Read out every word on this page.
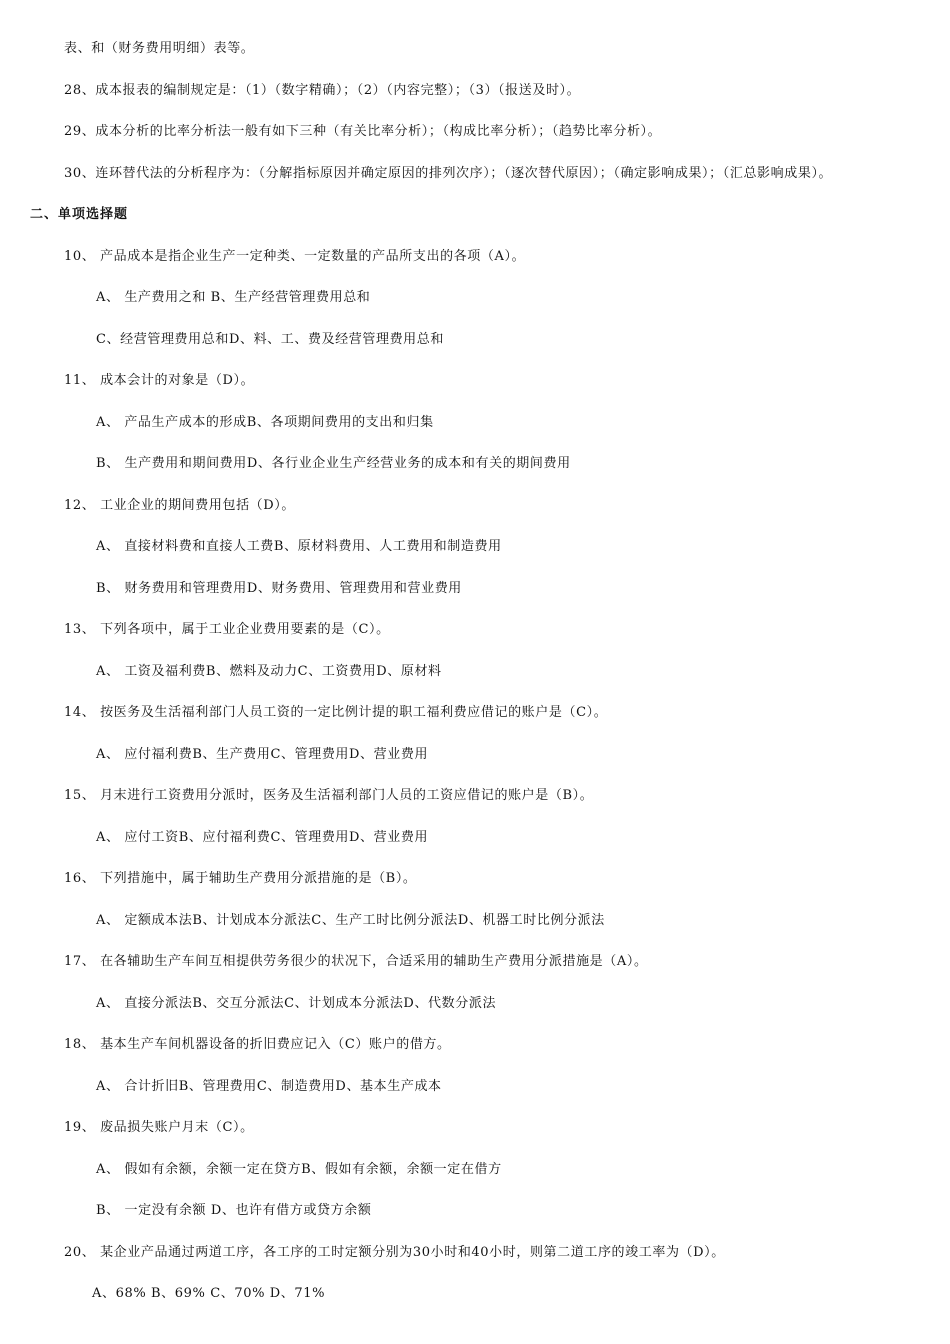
表、和（财务费用明细）表等。
28、成本报表的编制规定是：（1）（数字精确）；（2）（内容完整）；（3）（报送及时）。
29、成本分析的比率分析法一般有如下三种（有关比率分析）；（构成比率分析）；（趋势比率分析）。
30、连环替代法的分析程序为：（分解指标原因并确定原因的排列次序）；（逐次替代原因）；（确定影响成果）；（汇总影响成果）。
二、单项选择题
10、 产品成本是指企业生产一定种类、一定数量的产品所支出的各项（A）。
A、 生产费用之和 B、生产经营管理费用总和
C、经营管理费用总和D、料、工、费及经营管理费用总和
11、 成本会计的对象是（D）。
A、 产品生产成本的形成B、各项期间费用的支出和归集
B、 生产费用和期间费用D、各行业企业生产经营业务的成本和有关的期间费用
12、 工业企业的期间费用包括（D）。
A、 直接材料费和直接人工费B、原材料费用、人工费用和制造费用
B、 财务费用和管理费用D、财务费用、管理费用和营业费用
13、 下列各项中，属于工业企业费用要素的是（C）。
A、 工资及福利费B、燃料及动力C、工资费用D、原材料
14、 按医务及生活福利部门人员工资的一定比例计提的职工福利费应借记的账户是（C）。
A、 应付福利费B、生产费用C、管理费用D、营业费用
15、 月末进行工资费用分派时，医务及生活福利部门人员的工资应借记的账户是（B）。
A、 应付工资B、应付福利费C、管理费用D、营业费用
16、 下列措施中，属于辅助生产费用分派措施的是（B）。
A、 定额成本法B、计划成本分派法C、生产工时比例分派法D、机器工时比例分派法
17、 在各辅助生产车间互相提供劳务很少的状况下，合适采用的辅助生产费用分派措施是（A）。
A、 直接分派法B、交互分派法C、计划成本分派法D、代数分派法
18、 基本生产车间机器设备的折旧费应记入（C）账户的借方。
A、 合计折旧B、管理费用C、制造费用D、基本生产成本
19、 废品损失账户月末（C）。
A、 假如有余额，余额一定在贷方B、假如有余额，余额一定在借方
B、 一定没有余额 D、也许有借方或贷方余额
20、 某企业产品通过两道工序，各工序的工时定额分别为30小时和40小时，则第二道工序的竣工率为（D）。
A、68% B、69% C、70% D、71%
